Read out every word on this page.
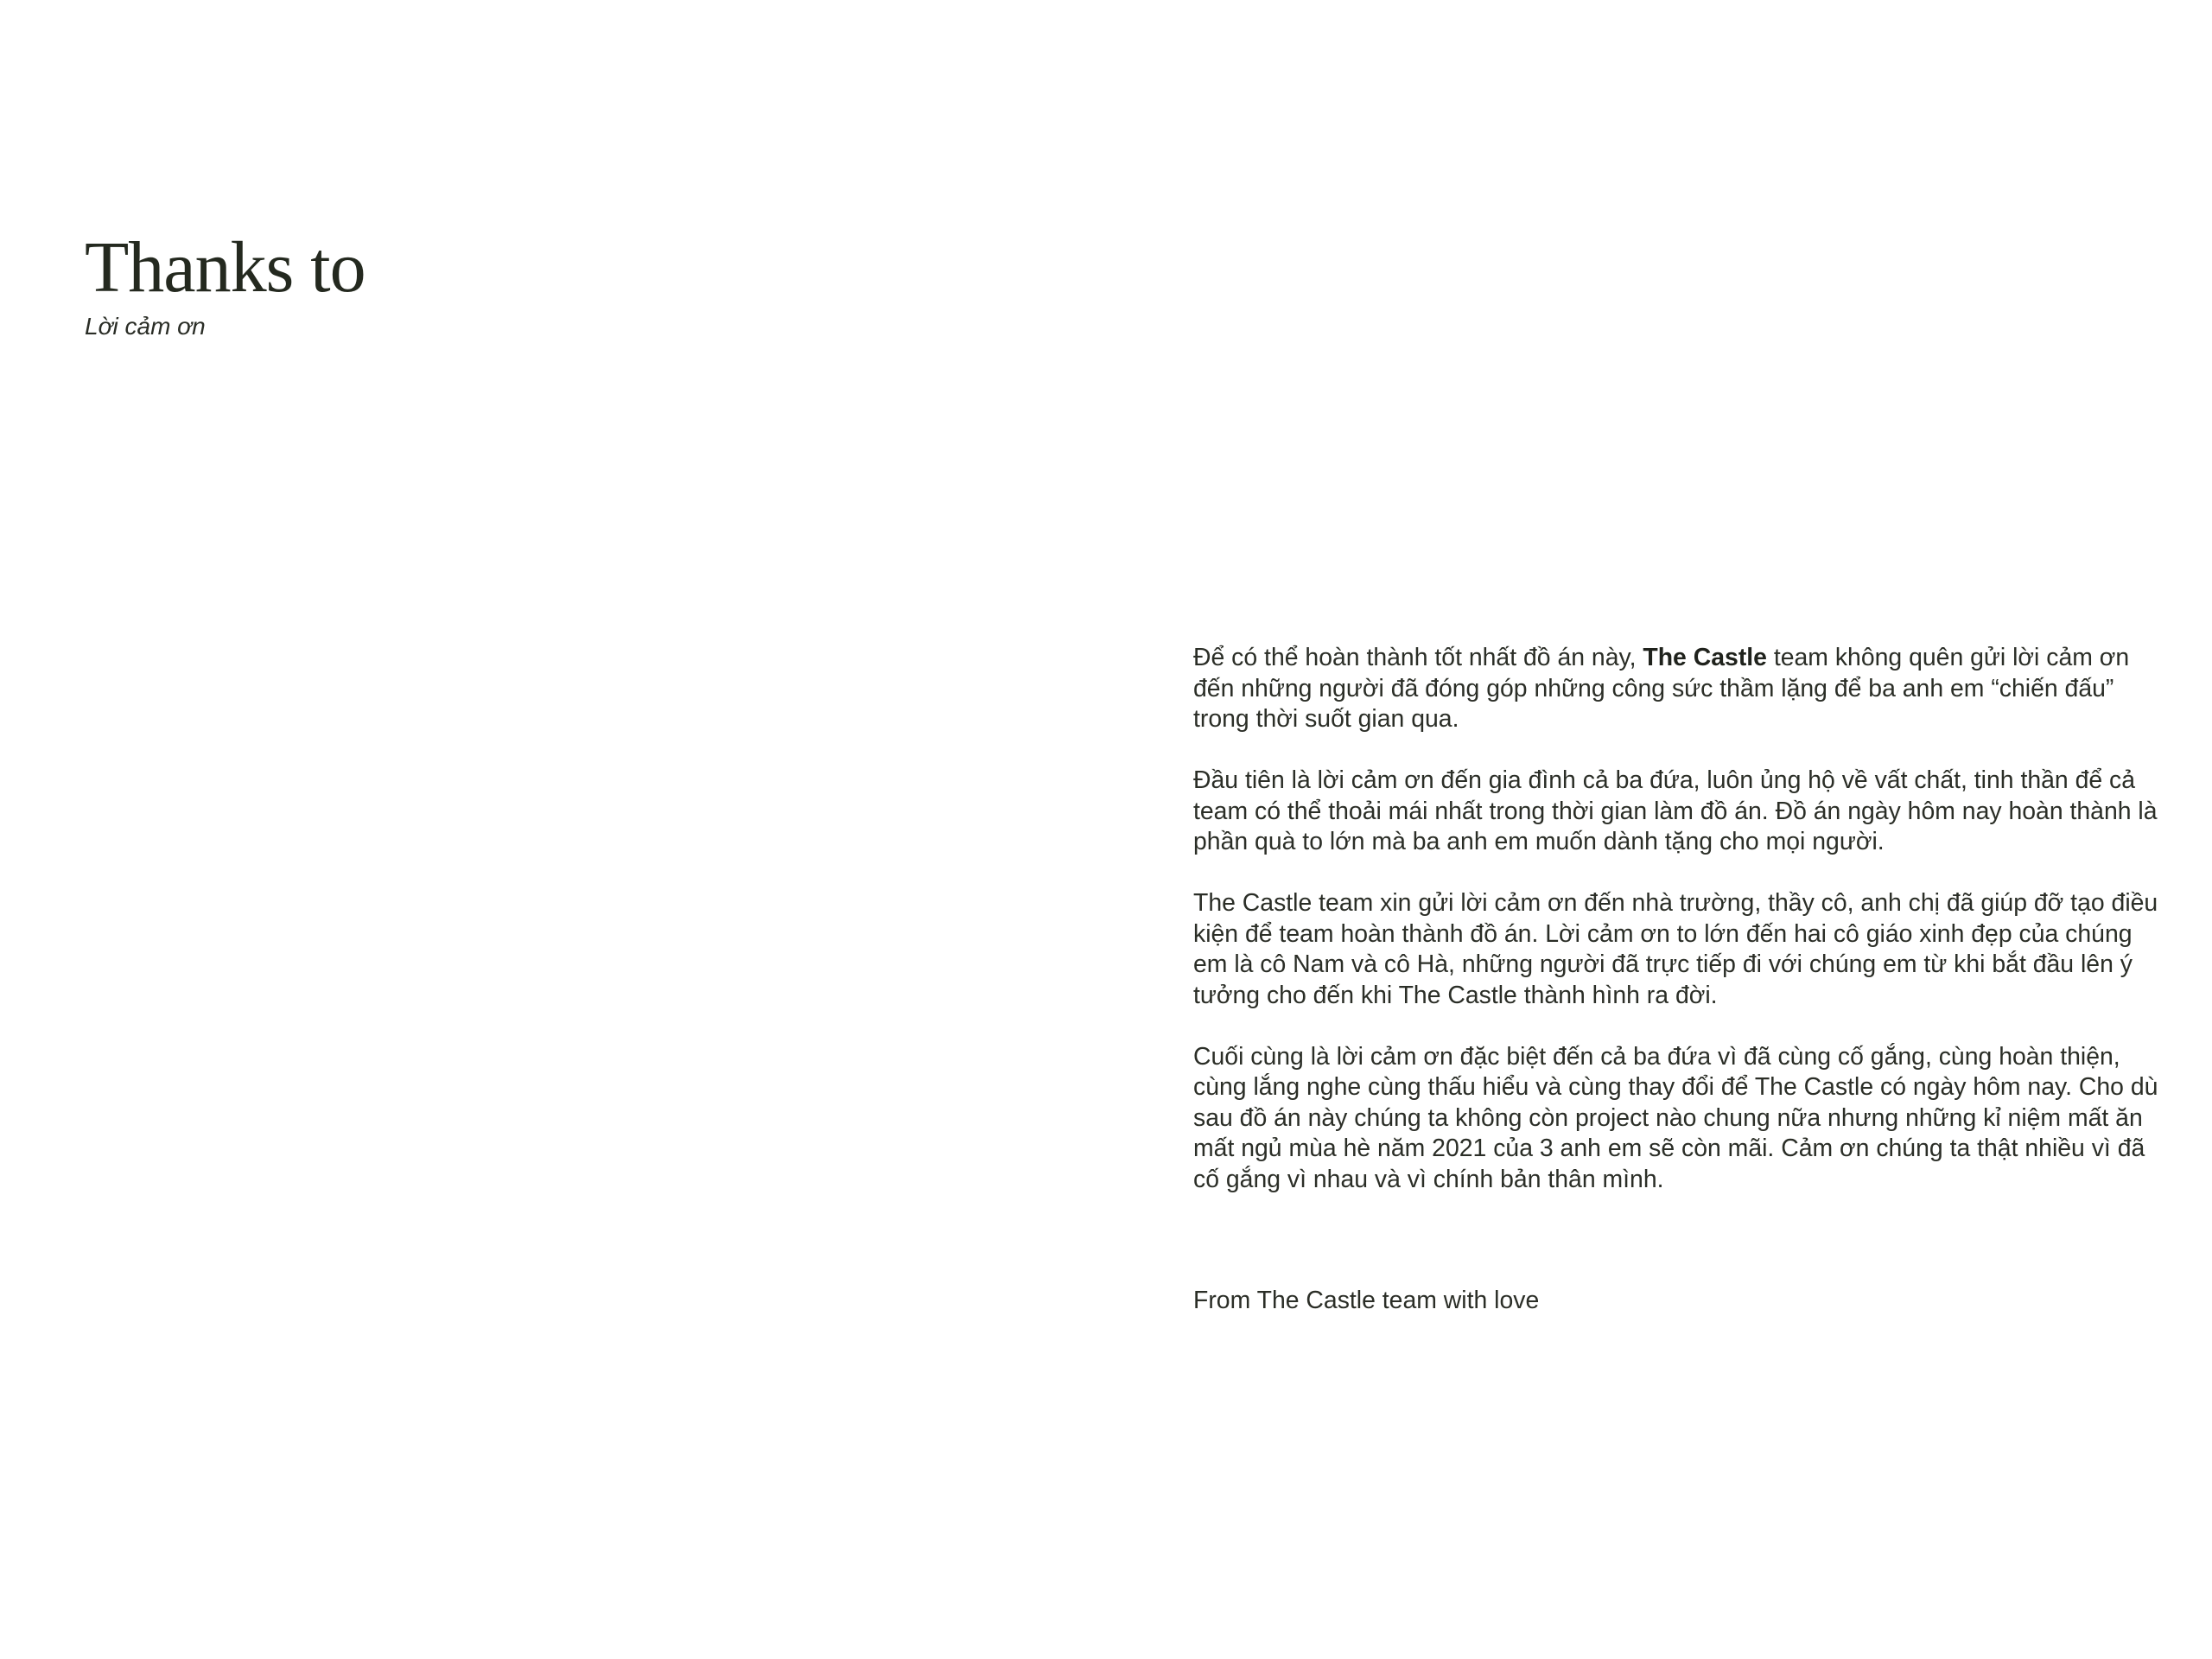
Thanks to
Lời cảm ơn

Để có thể hoàn thành tốt nhất đồ án này, The Castle team không quên gửi lời cảm ơn đến những người đã đóng góp những công sức thầm lặng để ba anh em “chiến đấu” trong thời suốt gian qua.

Đầu tiên là lời cảm ơn đến gia đình cả ba đứa, luôn ủng hộ về vất chất, tinh thần để cả team có thể thoải mái nhất trong thời gian làm đồ án. Đồ án ngày hôm nay hoàn thành là phần quà to lớn mà ba anh em muốn dành tặng cho mọi người.

The Castle team xin gửi lời cảm ơn đến nhà trường, thầy cô, anh chị đã giúp đỡ tạo điều kiện để team hoàn thành đồ án. Lời cảm ơn to lớn đến hai cô giáo xinh đẹp của chúng em là cô Nam và cô Hà, những người đã trực tiếp đi với chúng em từ khi bắt đầu lên ý tưởng cho đến khi The Castle thành hình ra đời.

Cuối cùng là lời cảm ơn đặc biệt đến cả ba đứa vì đã cùng cố gắng, cùng hoàn thiện, cùng lắng nghe cùng thấu hiểu và cùng thay đổi để The Castle có ngày hôm nay. Cho dù sau đồ án này chúng ta không còn project nào chung nữa nhưng những kỉ niệm mất ăn mất ngủ mùa hè năm 2021 của 3 anh em sẽ còn mãi. Cảm ơn chúng ta thật nhiều vì đã cố gắng vì nhau và vì chính bản thân mình.

From The Castle team with love
